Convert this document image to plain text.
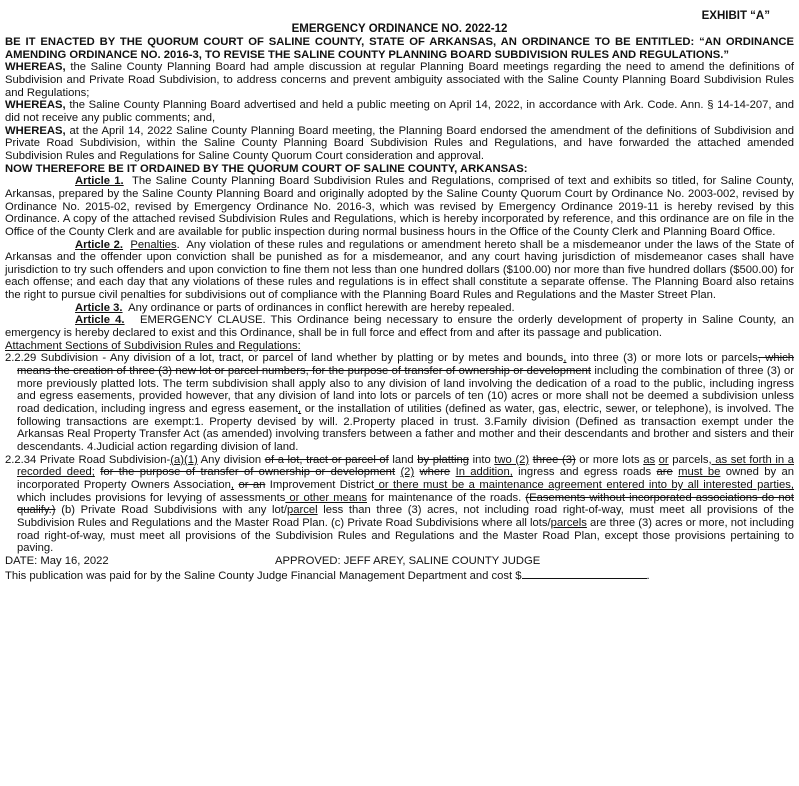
EXHIBIT “A”
EMERGENCY ORDINANCE NO. 2022-12

BE IT ENACTED BY THE QUORUM COURT OF SALINE COUNTY, STATE OF ARKANSAS, AN ORDINANCE TO BE ENTITLED: “AN ORDINANCE AMENDING ORDINANCE NO. 2016-3, TO REVISE THE SALINE COUNTY PLANNING BOARD SUBDIVISION RULES AND REGULATIONS.”

WHEREAS, the Saline County Planning Board had ample discussion at regular Planning Board meetings regarding the need to amend the definitions of Subdivision and Private Road Subdivision, to address concerns and prevent ambiguity associated with the Saline County Planning Board Subdivision Rules and Regulations;

WHEREAS, the Saline County Planning Board advertised and held a public meeting on April 14, 2022, in accordance with Ark. Code. Ann. § 14-14-207, and did not receive any public comments; and,

WHEREAS, at the April 14, 2022 Saline County Planning Board meeting, the Planning Board endorsed the amendment of the definitions of Subdivision and Private Road Subdivision, within the Saline County Planning Board Subdivision Rules and Regulations, and have forwarded the attached amended Subdivision Rules and Regulations for Saline County Quorum Court consideration and approval.

NOW THEREFORE BE IT ORDAINED BY THE QUORUM COURT OF SALINE COUNTY, ARKANSAS:

Article 1. The Saline County Planning Board Subdivision Rules and Regulations, comprised of text and exhibits so titled, for Saline County, Arkansas, prepared by the Saline County Planning Board and originally adopted by the Saline County Quorum Court by Ordinance No. 2003-002, revised by Ordinance No. 2015-02, revised by Emergency Ordinance No. 2016-3, which was revised by Emergency Ordinance 2019-11 is hereby revised by this Ordinance. A copy of the attached revised Subdivision Rules and Regulations, which is hereby incorporated by reference, and this ordinance are on file in the Office of the County Clerk and are available for public inspection during normal business hours in the Office of the County Clerk and Planning Board Office.

Article 2. Penalties.  Any violation of these rules and regulations or amendment hereto shall be a misdemeanor under the laws of the State of Arkansas and the offender upon conviction shall be punished as for a misdemeanor, and any court having jurisdiction of misdemeanor cases shall have jurisdiction to try such offenders and upon conviction to fine them not less than one hundred dollars ($100.00) nor more than five hundred dollars ($500.00) for each offense; and each day that any violations of these rules and regulations is in effect shall constitute a separate offense. The Planning Board also retains the right to pursue civil penalties for subdivisions out of compliance with the Planning Board Rules and Regulations and the Master Street Plan.

Article 3. Any ordinance or parts of ordinances in conflict herewith are hereby repealed.

Article 4. EMERGENCY CLAUSE. This Ordinance being necessary to ensure the orderly development of property in Saline County, an emergency is hereby declared to exist and this Ordinance, shall be in full force and effect from and after its passage and publication.

Attachment Sections of Subdivision Rules and Regulations:

2.2.29 Subdivision - Any division of a lot, tract, or parcel of land whether by platting or by metes and bounds, into three (3) or more lots or parcels, which means the creation of three (3) new lot or parcel numbers, for the purpose of transfer of ownership or development including the combination of three (3) or more previously platted lots. The term subdivision shall apply also to any division of land involving the dedication of a road to the public, including ingress and egress easements, provided however, that any division of land into lots or parcels of ten (10) acres or more shall not be deemed a subdivision unless road dedication, including ingress and egress easement, or the installation of utilities (defined as water, gas, electric, sewer, or telephone), is involved. The following transactions are exempt:1. Property devised by will. 2.Property placed in trust. 3.Family division (Defined as transaction exempt under the Arkansas Real Property Transfer Act (as amended) involving transfers between a father and mother and their descendants and brother and sisters and their descendants. 4.Judicial action regarding division of land.

2.2.34 Private Road Subdivision-(a)(1) Any division of a lot, tract or parcel of land by platting into two (2) three (3) or more lots as or parcels, as set forth in a recorded deed; for the purpose of transfer of ownership or development (2) where In addition, ingress and egress roads are must be owned by an incorporated Property Owners Association, or an Improvement District or there must be a maintenance agreement entered into by all interested parties, which includes provisions for levying of assessments or other means for maintenance of the roads. (Easements without incorporated associations do not qualify.) (b) Private Road Subdivisions with any lot/parcel less than three (3) acres, not including road right-of-way, must meet all provisions of the Subdivision Rules and Regulations and the Master Road Plan. (c) Private Road Subdivisions where all lots/parcels are three (3) acres or more, not including road right-of-way, must meet all provisions of the Subdivision Rules and Regulations and the Master Road Plan, except those provisions pertaining to paving.

DATE: May 16, 2022	APPROVED: JEFF AREY, SALINE COUNTY JUDGE

This publication was paid for by the Saline County Judge Financial Management Department and cost $	.
